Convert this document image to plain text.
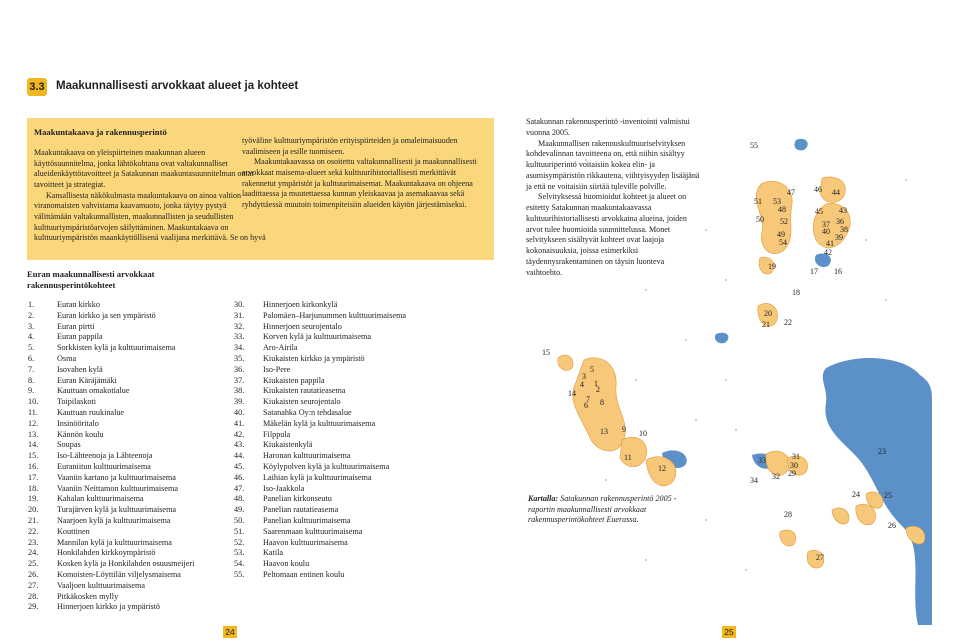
3.3 Maakunnallisesti arvokkaat alueet ja kohteet
Maakuntakaava ja rakennusperintö

Maakuntakaava on yleispiirteinen maakunnan alueen käyttösuunnitelma, jonka lähtökohtana ovat valtakunnalliset alueidenkäyttötavoitteet ja Satakunnan maakuntasuunnitelman omat tavoitteet ja strategiat.

Kansallisesta näkökulmasta maakuntakaava on ainoa valtion viranomaisten vahvistama kaavamuoto, jonka täytyy pystyä välittämään valtakunnallisten, maakunnallisten ja seudullisten kulttuuriympäristöarvojen säilyttäminen. Maakuntakaava on kulttuuriympäristön maankäyttöllisenä vaalijana merkittävä. Se on hyvä

työväline kulttuuriympäristön erityispiirteiden ja omaleimaisuuden vaalimiseen ja esille tuomiseen.

Maakuntakaavassa on osoitettu valtakunnallisesti ja maakunnallisesti arvokkaat maisema-alueet sekä kulttuurihistoriallisesti merkittävät rakennetut ympäristöt ja kulttuurimaisemat. Maakuntakaava on ohjeena laadittaessa ja muutettaessa kunnan yleiskaavaa ja asemakaavaa sekä ryhdyttäessä muutoin toimenpiteisiin alueiden käytön järjestämiseksi.

Euran maakunnallisesti arvokkaat rakennusperintökohteet
1.	Euran kirkko
2.	Euran kirkko ja sen ympäristö
3.	Euran pirtti
4.	Euran pappila
5.	Sorkkisten kylä ja kulttuurimaisema
6.	Osma
7.	Isovahen kylä
8.	Euran Käräjämäki
9.	Kauttuan omakotialue
10.	Toipilaskoti
11.	Kauttuan ruukinalue
12.	Insinööritalo
13.	Kännön koulu
14.	Soupas
15.	Iso-Lähteenoja ja Lähteenoja
16.	Euraniitun kulttuurimaisema
17.	Vaaniin kartano ja kulttuurimaisema
18.	Vaaniin Neittamon kulttuurimaisema
19.	Kahalan kulttuurimaisema
20.	Turajärven kylä ja kulttuurimaisema
21.	Naarjoen kylä ja kulttuurimaisema
22.	Kouttinen
23.	Mannilan kylä ja kulttuurimaisema
24.	Honkilahden kirkkoympäristö
25.	Kosken kylä ja Honkilahden osuusmeijeri
26.	Komoisten-Löyttilän viljelysmaisema
27.	Vaaljoen kulttuurimaisema
28.	Pitkäkosken mylly
29.	Hinnerjoen kirkko ja ympäristö
30.	Hinnerjoen kirkonkylä
31.	Palomäen–Harjunummen kulttuurimaisema
32.	Hinnerjoen seurojentalo
33.	Korven kylä ja kulttuurimaisema
34.	Aro-Airila
35.	Kiukaisten kirkko ja ympäristö
36.	Iso-Pere
37.	Kiukaisten pappila
38.	Kiukaisten rautatieasema
39.	Kiukaisten seurojentalo
40.	Satanahka Oy:n tehdasalue
41.	Mäkelän kylä ja kulttuurimaisema
42.	Filppula
43.	Kiukaistenkylä
44.	Haronan kulttuurimaisema
45.	Köylypolven kylä ja kulttuurimaisema
46.	Laihian kylä ja kulttuurimaisema
47.	Iso-Jaakkola
48.	Panelian kirkonseutu
49.	Panelian rautatieasema
50.	Panelian kulttuurimaisema
51.	Saarenmaan kulttuurimaisema
52.	Haavon kulttuurimaisema
53.	Katila
54.	Haavon koulu
55.	Peltomaan entinen koulu
55
51 53
47 46 44
48
50 52
45 43
37 36
38
40
39
49
54	41
42
19
17 16
18
20
21 22
15
5
3
4 1
2
14
7
6 8
13 9 10
11
12
33	31
30
29
32
34
23
24	25
28
26
27

Satakunnan rakennusperintö -inventointi valmistui vuonna 2005.

Maakunnallisen rakennuskulttuuriselvityksen kohdevalinnan tavoitteena on, että niihin sisältyy kulttuuriperintö voitaisiin kokea elin- ja asumisympäristön rikkautena, viihtyisyyden lisääjänä ja että ne voitaisiin siirtää tuleville polville.

Selvityksessä huomioidut kohteet ja alueet on esitetty Satakunnan maakuntakaavassa kulttuurihistoriallisesti arvokkaina alueina, joiden arvot tulee huomioida suunnittelussa. Monet selvitykseen sisältyvät kohteet ovat laajoja kokonaisuuksia, joissa esimerkiksi täydennysrakentaminen on täysin luonteva vaihtoehto.

Kartalla: Satakunnan rakennusperintö 2005 -raportin maakunnallisesti arvokkaat rakennusperintökohteet Euerassa.
24	25
